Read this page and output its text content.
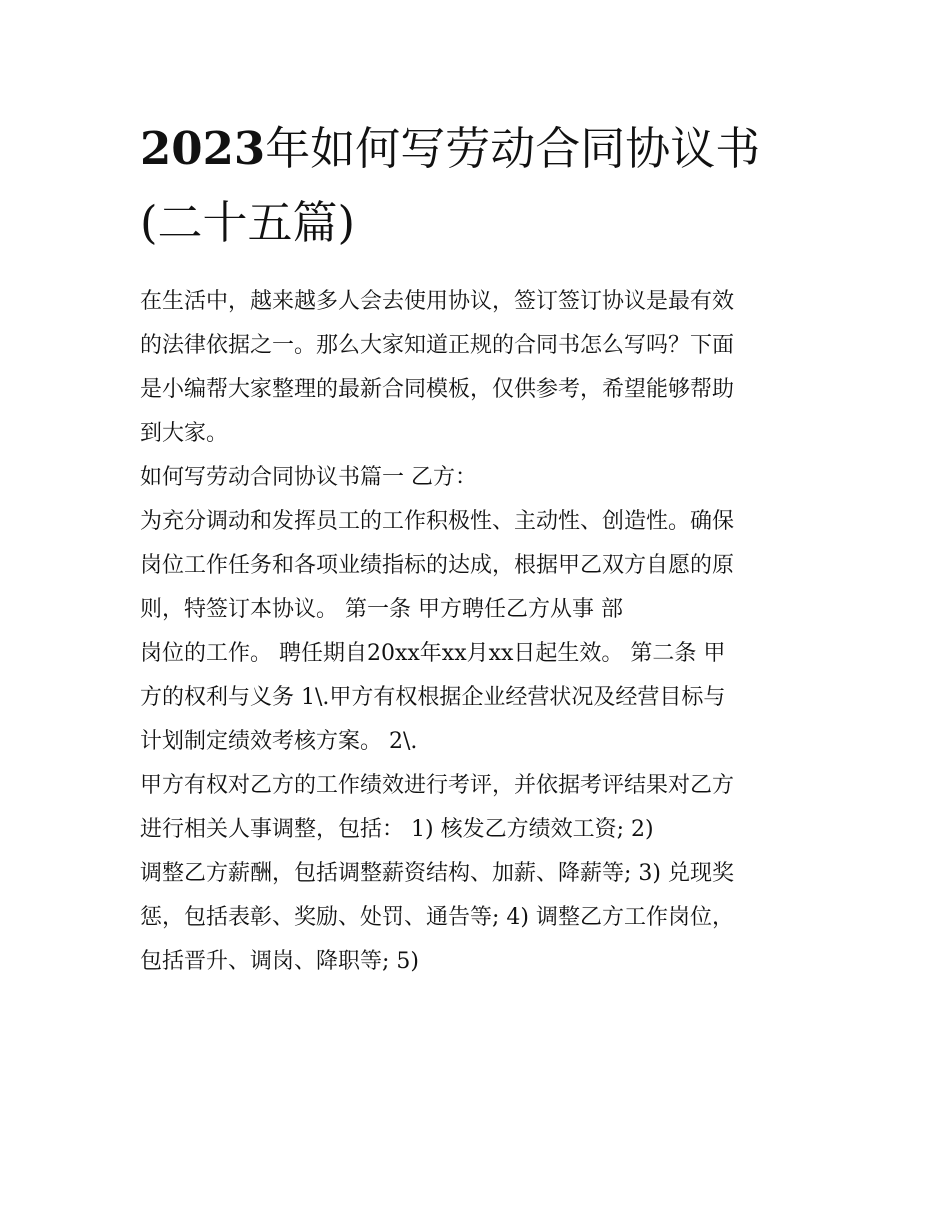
2023年如何写劳动合同协议书
(二十五篇)
在生活中，越来越多人会去使用协议，签订签订协议是最有效
的法律依据之一。那么大家知道正规的合同书怎么写吗？下面
是小编帮大家整理的最新合同模板，仅供参考，希望能够帮助
到大家。
如何写劳动合同协议书篇一 乙方：
为充分调动和发挥员工的工作积极性、主动性、创造性。确保
岗位工作任务和各项业绩指标的达成，根据甲乙双方自愿的原
则，特签订本协议。 第一条 甲方聘任乙方从事 部
岗位的工作。 聘任期自20xx年xx月xx日起生效。 第二条 甲
方的权利与义务 1\.甲方有权根据企业经营状况及经营目标与
计划制定绩效考核方案。 2\.
甲方有权对乙方的工作绩效进行考评，并依据考评结果对乙方
进行相关人事调整，包括： 1) 核发乙方绩效工资; 2)
调整乙方薪酬，包括调整薪资结构、加薪、降薪等; 3) 兑现奖
惩，包括表彰、奖励、处罚、通告等; 4) 调整乙方工作岗位，
包括晋升、调岗、降职等; 5)
